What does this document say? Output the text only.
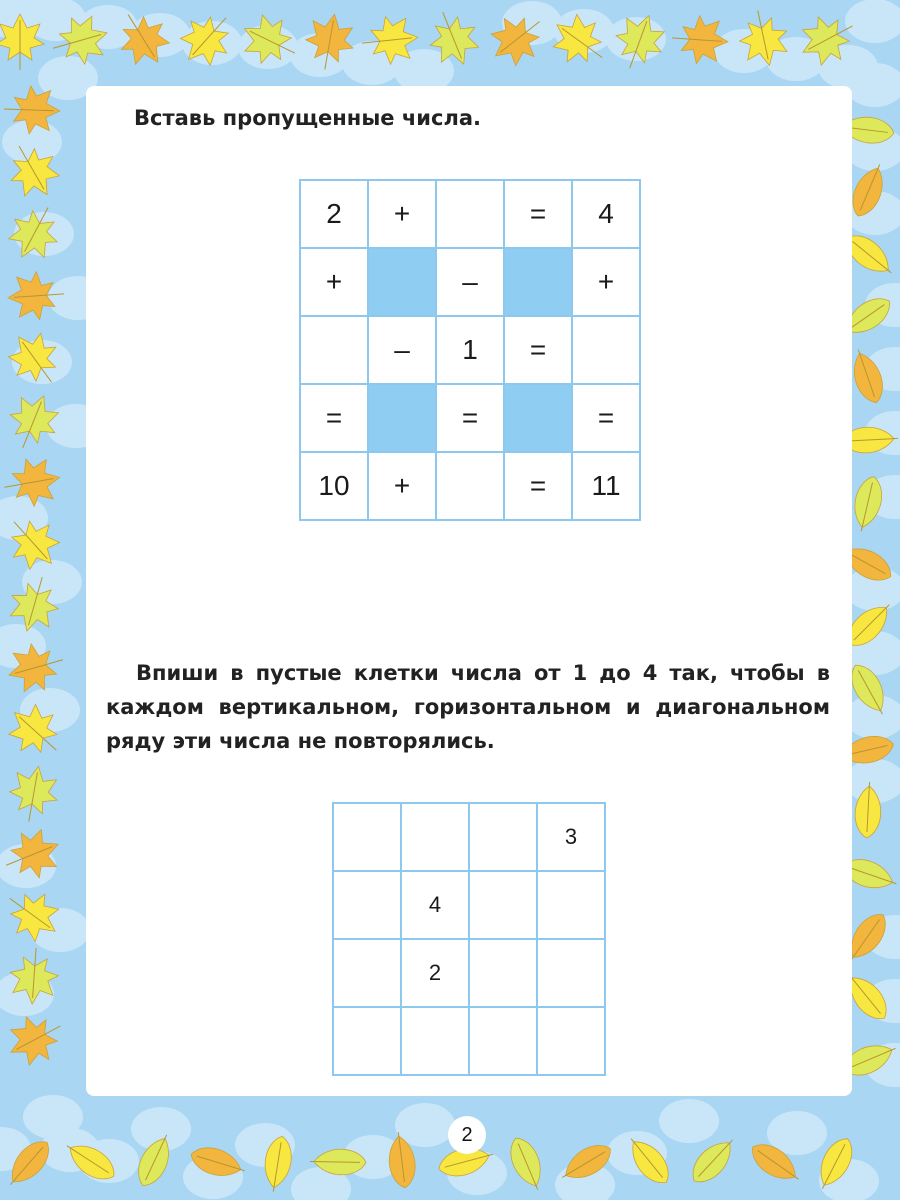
Вставь пропущенные числа.
2	+		=	4
+		–		+
	–	1	=	
=		=		=
10	+		=	11
Впиши в пустые клетки числа от 1 до 4 так, чтобы в каждом вертикальном, горизонтальном и диагональном ряду эти числа не повторялись.
			3
	4		
	2		

2
